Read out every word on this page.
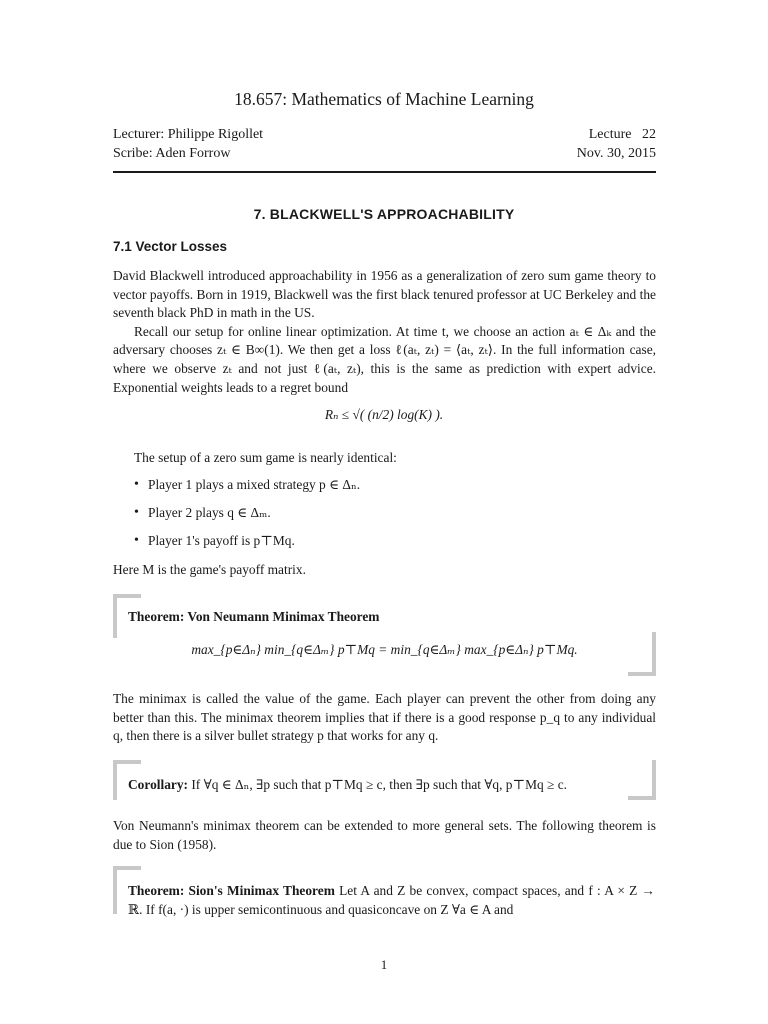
18.657: Mathematics of Machine Learning
Lecturer: Philippe Rigollet
Scribe: Aden Forrow
Lecture   22
Nov. 30, 2015
7. BLACKWELL'S APPROACHABILITY
7.1 Vector Losses

David Blackwell introduced approachability in 1956 as a generalization of zero sum game theory to vector payoffs. Born in 1919, Blackwell was the first black tenured professor at UC Berkeley and the seventh black PhD in math in the US.

Recall our setup for online linear optimization. At time t, we choose an action aₜ ∈ Δₖ and the adversary chooses zₜ ∈ B∞(1). We then get a loss ℓ(aₜ, zₜ) = ⟨aₜ, zₜ⟩. In the full information case, where we observe zₜ and not just ℓ(aₜ, zₜ), this is the same as prediction with expert advice. Exponential weights leads to a regret bound

Rₙ ≤ √( (n/2) log(K) ).
The setup of a zero sum game is nearly identical:
• Player 1 plays a mixed strategy p ∈ Δₙ.
• Player 2 plays q ∈ Δₘ.
• Player 1's payoff is p⊤Mq.
Here M is the game's payoff matrix.
Theorem: Von Neumann Minimax Theorem
max_{p∈Δₙ} min_{q∈Δₘ} p⊤Mq = min_{q∈Δₘ} max_{p∈Δₙ} p⊤Mq.
The minimax is called the value of the game. Each player can prevent the other from doing any better than this. The minimax theorem implies that if there is a good response p_q to any individual q, then there is a silver bullet strategy p that works for any q.
Corollary: If ∀q ∈ Δₙ, ∃p such that p⊤Mq ≥ c, then ∃p such that ∀q, p⊤Mq ≥ c.
Von Neumann's minimax theorem can be extended to more general sets. The following theorem is due to Sion (1958).
Theorem: Sion's Minimax Theorem Let A and Z be convex, compact spaces, and f : A × Z → ℝ. If f(a, ·) is upper semicontinuous and quasiconcave on Z ∀a ∈ A and
1
